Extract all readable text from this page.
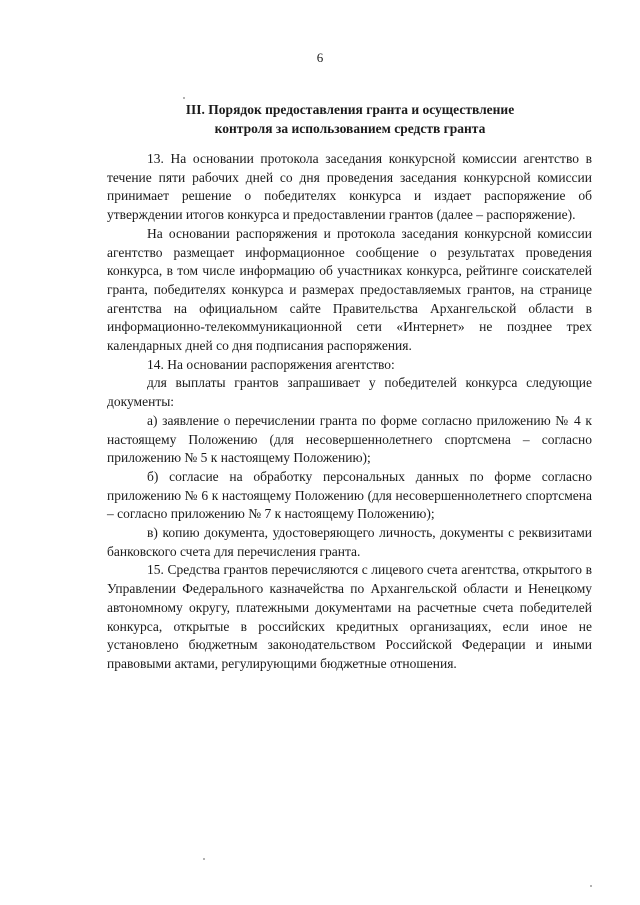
6
III. Порядок предоставления гранта и осуществление
контроля за использованием средств гранта

13. На основании протокола заседания конкурсной комиссии агентство в течение пяти рабочих дней со дня проведения заседания конкурсной комиссии принимает решение о победителях конкурса и издает распоряжение об утверждении итогов конкурса и предоставлении грантов (далее – распоряжение).

На основании распоряжения и протокола заседания конкурсной комиссии агентство размещает информационное сообщение о результатах проведения конкурса, в том числе информацию об участниках конкурса, рейтинге соискателей гранта, победителях конкурса и размерах предоставляемых грантов, на странице агентства на официальном сайте Правительства Архангельской области в информационно-телекоммуникационной сети «Интернет» не позднее трех календарных дней со дня подписания распоряжения.

14. На основании распоряжения агентство:

для выплаты грантов запрашивает у победителей конкурса следующие документы:

а) заявление о перечислении гранта по форме согласно приложению № 4 к настоящему Положению (для несовершеннолетнего спортсмена – согласно приложению № 5 к настоящему Положению);

б) согласие на обработку персональных данных по форме согласно приложению № 6 к настоящему Положению (для несовершеннолетнего спортсмена – согласно приложению № 7 к настоящему Положению);

в) копию документа, удостоверяющего личность, документы с реквизитами банковского счета для перечисления гранта.

15. Средства грантов перечисляются с лицевого счета агентства, открытого в Управлении Федерального казначейства по Архангельской области и Ненецкому автономному округу, платежными документами на расчетные счета победителей конкурса, открытые в российских кредитных организациях, если иное не установлено бюджетным законодательством Российской Федерации и иными правовыми актами, регулирующими бюджетные отношения.
